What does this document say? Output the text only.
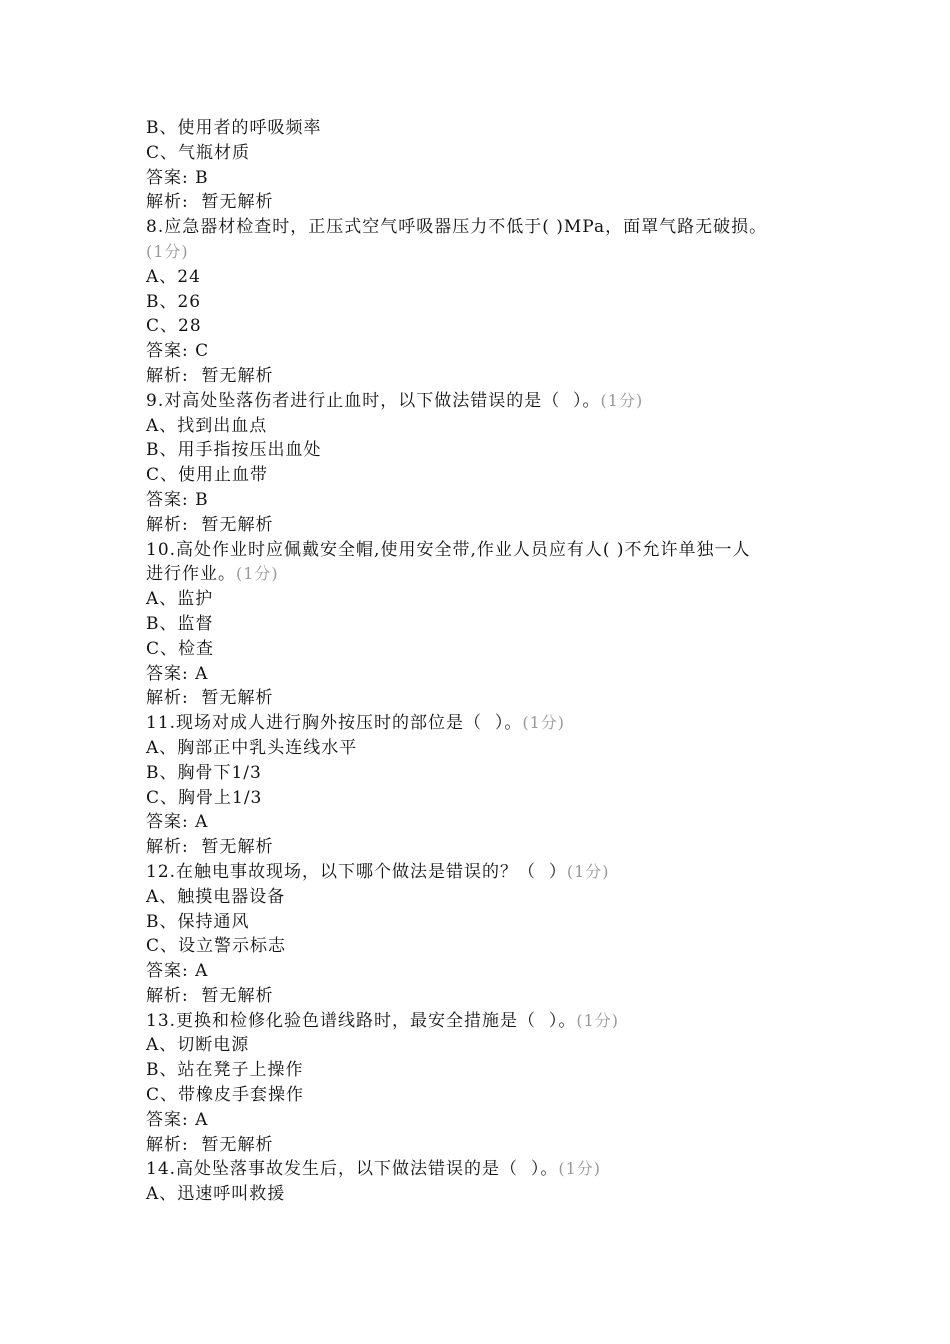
B、使用者的呼吸频率
C、气瓶材质
答案: B
解析:  暂无解析
8.应急器材检查时，正压式空气呼吸器压力不低于( )MPa，面罩气路无破损。
(1分)
A、24
B、26
C、28
答案: C
解析:  暂无解析
9.对高处坠落伤者进行止血时，以下做法错误的是（  ）。(1分)
A、找到出血点
B、用手指按压出血处
C、使用止血带
答案: B
解析:  暂无解析
10.高处作业时应佩戴安全帽,使用安全带,作业人员应有人( )不允许单独一人
进行作业。(1分)
A、监护
B、监督
C、检查
答案: A
解析:  暂无解析
11.现场对成人进行胸外按压时的部位是（  ）。(1分)
A、胸部正中乳头连线水平
B、胸骨下1/3
C、胸骨上1/3
答案: A
解析:  暂无解析
12.在触电事故现场，以下哪个做法是错误的？（  ）(1分)
A、触摸电器设备
B、保持通风
C、设立警示标志
答案: A
解析:  暂无解析
13.更换和检修化验色谱线路时，最安全措施是（  ）。(1分)
A、切断电源
B、站在凳子上操作
C、带橡皮手套操作
答案: A
解析:  暂无解析
14.高处坠落事故发生后，以下做法错误的是（  ）。(1分)
A、迅速呼叫救援
